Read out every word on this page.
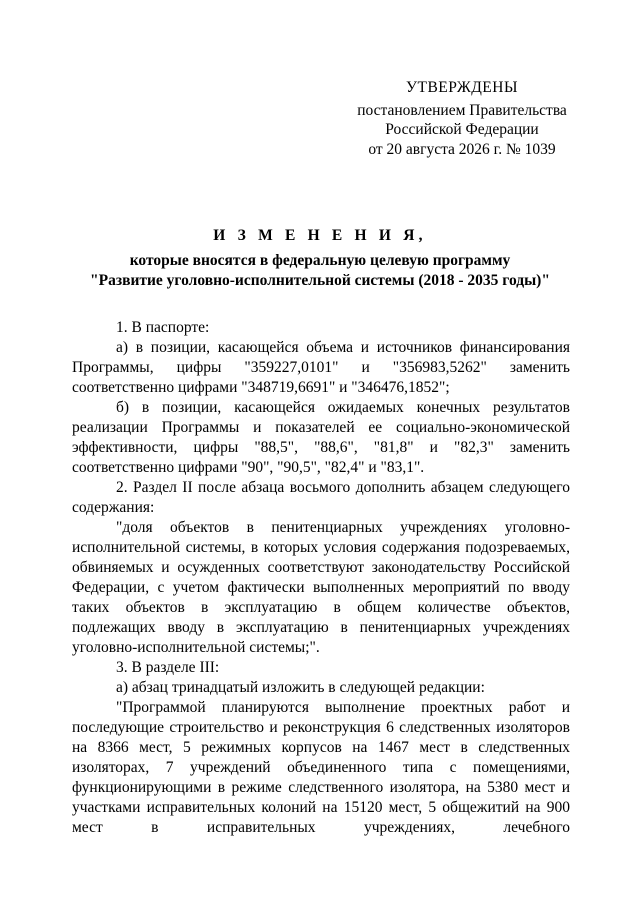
УТВЕРЖДЕНЫ
постановлением Правительства
Российской Федерации
от 20 августа 2026 г. № 1039
И З М Е Н Е Н И Я,
которые вносятся в федеральную целевую программу
"Развитие уголовно-исполнительной системы (2018 - 2035 годы)"
1. В паспорте:
а) в позиции, касающейся объема и источников финансирования Программы, цифры "359227,0101" и "356983,5262" заменить соответственно цифрами "348719,6691" и "346476,1852";
б) в позиции, касающейся ожидаемых конечных результатов реализации Программы и показателей ее социально-экономической эффективности, цифры "88,5", "88,6", "81,8" и "82,3" заменить соответственно цифрами "90", "90,5", "82,4" и "83,1".
2. Раздел II после абзаца восьмого дополнить абзацем следующего содержания:
"доля объектов в пенитенциарных учреждениях уголовно-исполнительной системы, в которых условия содержания подозреваемых, обвиняемых и осужденных соответствуют законодательству Российской Федерации, с учетом фактически выполненных мероприятий по вводу таких объектов в эксплуатацию в общем количестве объектов, подлежащих вводу в эксплуатацию в пенитенциарных учреждениях уголовно-исполнительной системы;".
3. В разделе III:
а) абзац тринадцатый изложить в следующей редакции:
"Программой планируются выполнение проектных работ и последующие строительство и реконструкция 6 следственных изоляторов на 8366 мест, 5 режимных корпусов на 1467 мест в следственных изоляторах, 7 учреждений объединенного типа с помещениями, функционирующими в режиме следственного изолятора, на 5380 мест и участками исправительных колоний на 15120 мест, 5 общежитий на 900 мест в исправительных учреждениях, лечебного
